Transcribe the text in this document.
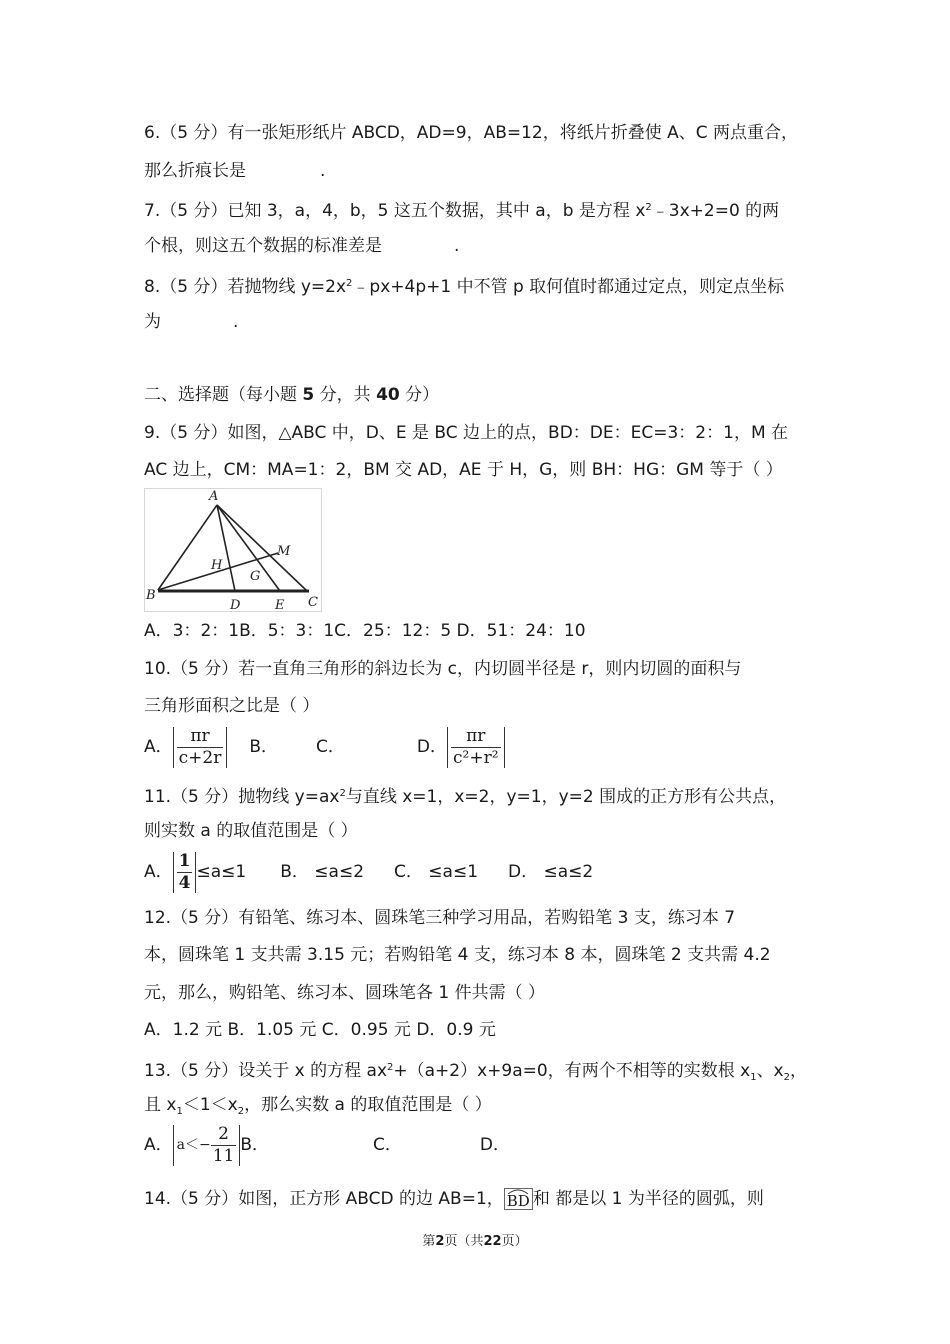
6.（5 分）有一张矩形纸片 ABCD，AD=9，AB=12，将纸片折叠使 A、C 两点重合，
那么折痕长是	.
7.（5 分）已知 3，a，4，b，5 这五个数据，其中 a，b 是方程 $x^2﹣3x+2=0$ 的两
个根，则这五个数据的标准差是	.
8.（5 分）若抛物线 $y=2x^2﹣px+4p+1$ 中不管 p 取何值时都通过定点，则定点坐标
为	.
二、选择题（每小题 5 分，共 40 分）
9.（5 分）如图，△ABC 中，D、E 是 BC 边上的点，BD：DE：EC=3：2：1，M 在
AC 边上，CM：MA=1：2，BM 交 AD，AE 于 H，G，则 BH：HG：GM 等于（ ）
A
B	C
D	E
M
H
G
A．3：2：1B．5：3：1C．25：12：5 D．51：24：10
10.（5 分）若一直角三角形的斜边长为 c，内切圆半径是 r，则内切圆的面积与
三角形面积之比是（ ）
A． $\frac{\pi r}{c+2r}$ B． C．	D． $\frac{\pi r}{\text{c²+r²}}$
11.（5 分）抛物线 $y=ax^2$与直线 x=1，x=2，y=1，y=2 围成的正方形有公共点，
则实数 a 的取值范围是（ ）
A． $\frac{1}{4} \le a\le 1$ B． ≤a≤2 C． ≤a≤1 D． ≤a≤2
12.（5 分）有铅笔、练习本、圆珠笔三种学习用品，若购铅笔 3 支，练习本 7
本，圆珠笔 1 支共需 3.15 元；若购铅笔 4 支，练习本 8 本，圆珠笔 2 支共需 4.2
元，那么，购铅笔、练习本、圆珠笔各 1 件共需（ ）
A．1.2 元 B．1.05 元 C．0.95 元 D．0.9 元
13.（5 分）设关于 x 的方程 $ax^2+(a+2)x+9a=0$，有两个不相等的实数根 $x_1$、$x_2$，
且 $x_1<1<x_2$，那么实数 a 的取值范围是（ ）
A． $a<- \frac{2}{11}$ B．	C．	D．
14.（5 分）如图，正方形 ABCD 的边 AB=1， BD 和 都是以 1 为半径的圆弧，则
第2页（共22页）
